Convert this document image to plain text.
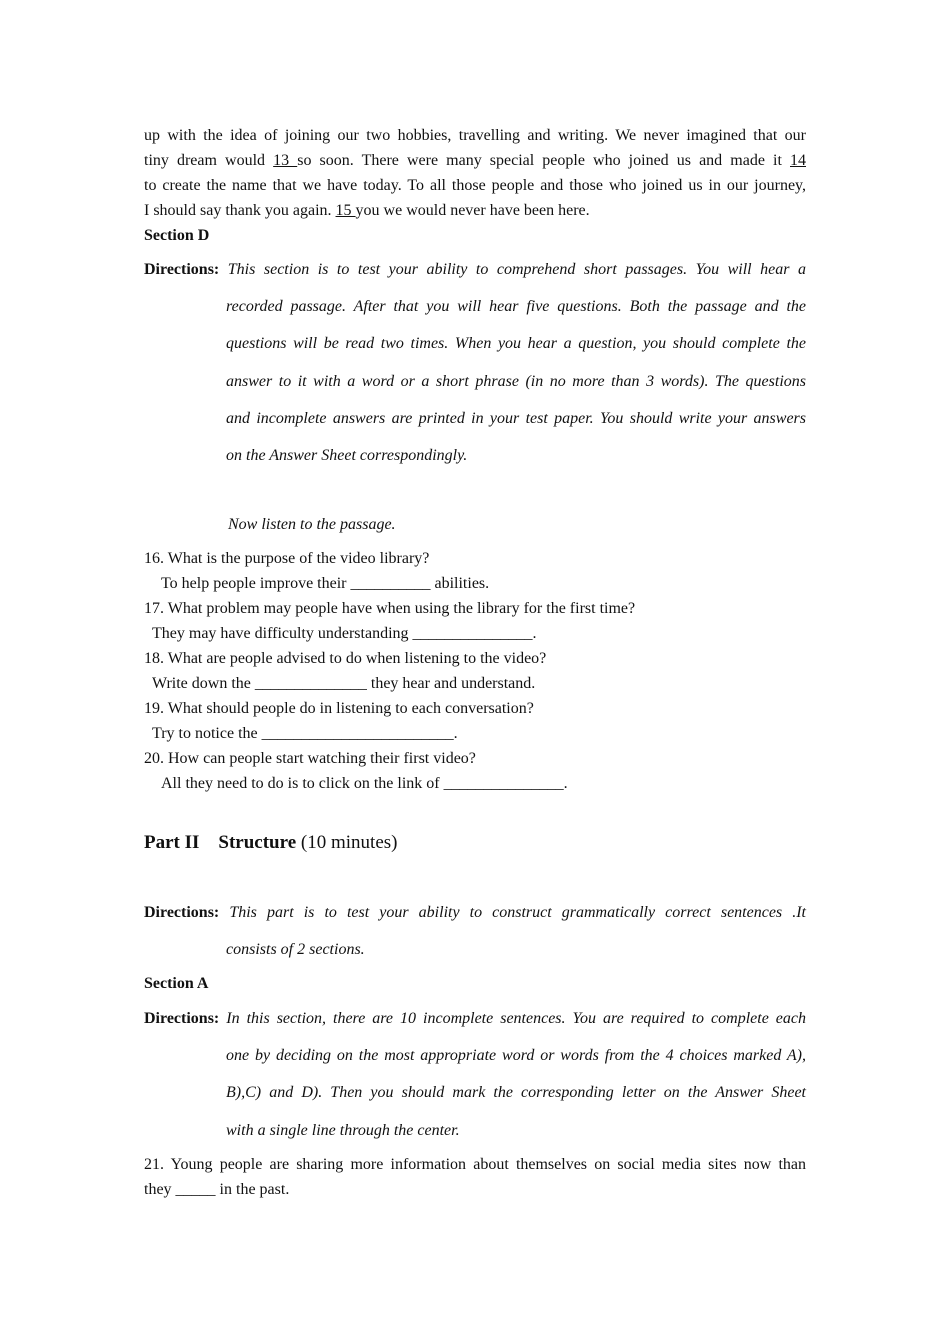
up with the idea of joining our two hobbies, travelling and writing. We never imagined that our
tiny dream would 13 so soon. There were many special people who joined us and made it 14
to create the name that we have today. To all those people and those who joined us in our journey,
I should say thank you again. 15 you we would never have been here.
Section D
Directions: This section is to test your ability to comprehend short passages. You will hear a
recorded passage. After that you will hear five questions. Both the passage and the
questions will be read two times. When you hear a question, you should complete the
answer to it with a word or a short phrase (in no more than 3 words). The questions
and incomplete answers are printed in your test paper. You should write your answers
on the Answer Sheet correspondingly.
Now listen to the passage.
16. What is the purpose of the video library?
To help people improve their __________ abilities.
17. What problem may people have when using the library for the first time?
They may have difficulty understanding _______________.
18. What are people advised to do when listening to the video?
Write down the ______________ they hear and understand.
19. What should people do in listening to each conversation?
Try to notice the ________________________.
20. How can people start watching their first video?
All they need to do is to click on the link of _______________.
Part II Structure (10 minutes)
Directions: This part is to test your ability to construct grammatically correct sentences .It
consists of 2 sections.
Section A
Directions: In this section, there are 10 incomplete sentences. You are required to complete each
one by deciding on the most appropriate word or words from the 4 choices marked A),
B),C) and D). Then you should mark the corresponding letter on the Answer Sheet
with a single line through the center.
21. Young people are sharing more information about themselves on social media sites now than
they _____ in the past.
